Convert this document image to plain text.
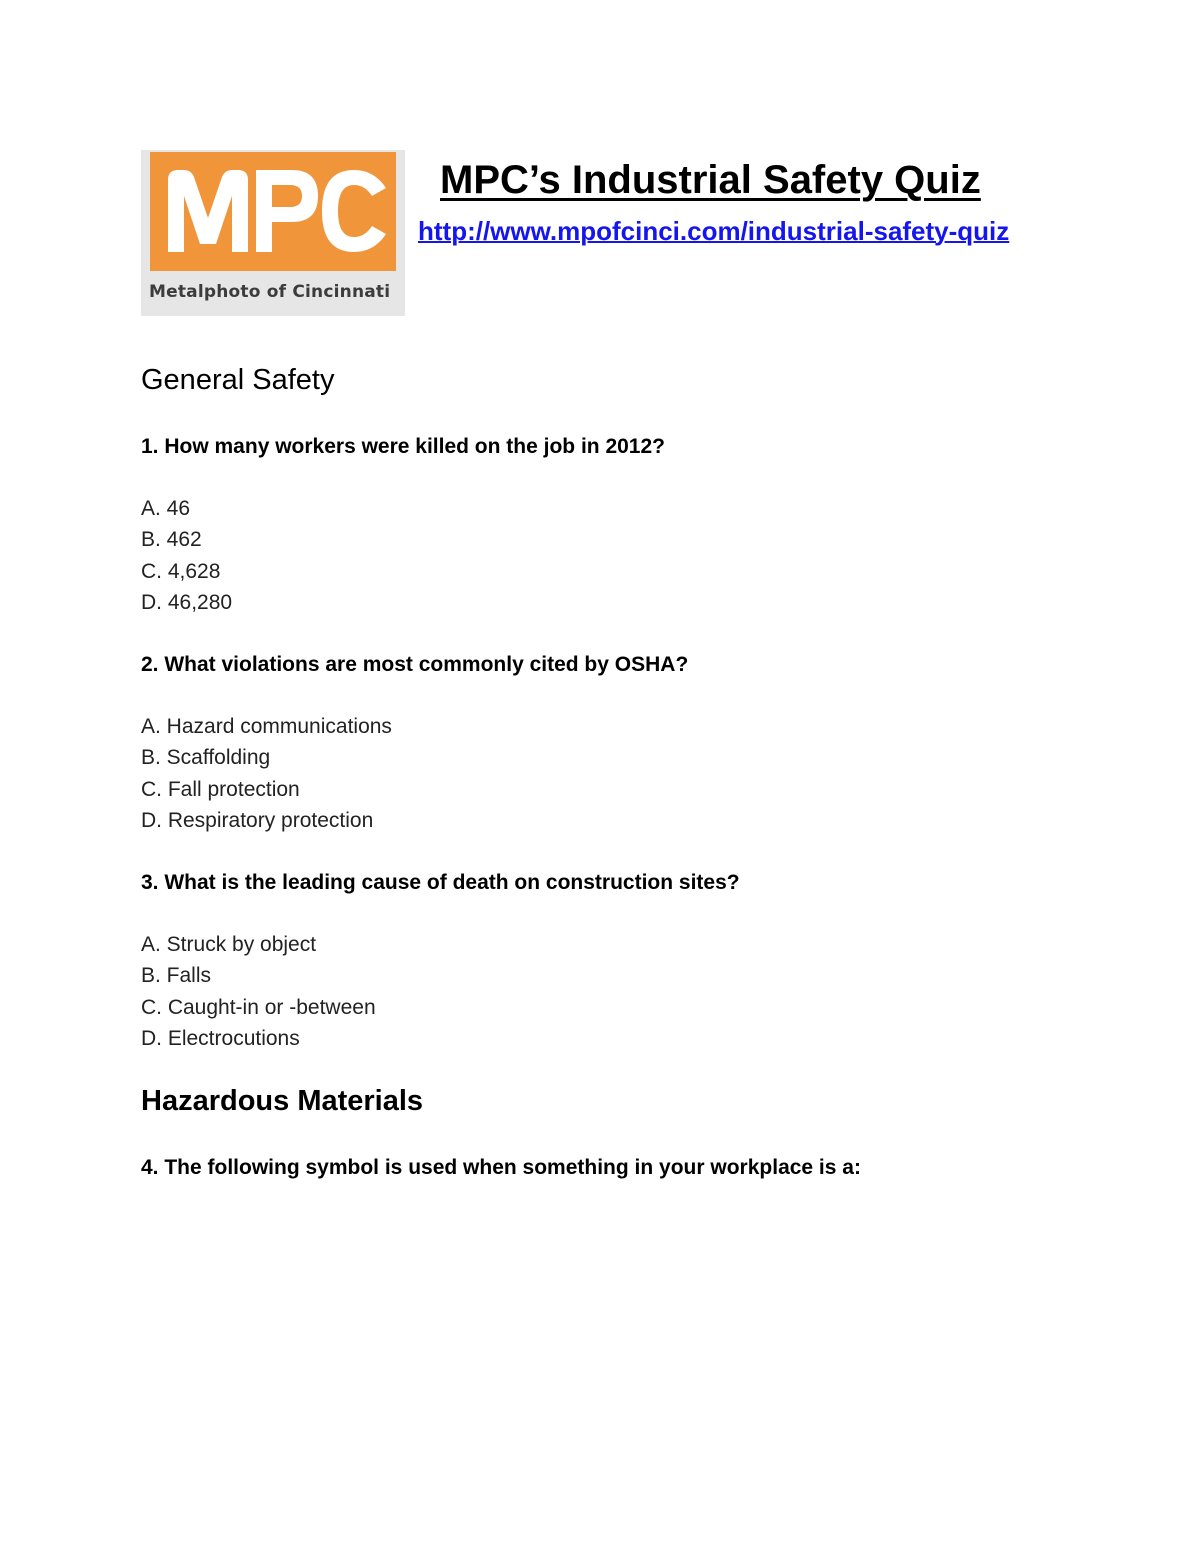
Metalphoto of Cincinnati
MPC’s Industrial Safety Quiz
http://www.mpofcinci.com/industrial-safety-quiz
General Safety
1. How many workers were killed on the job in 2012?
A. 46
B. 462
C. 4,628
D. 46,280
2. What violations are most commonly cited by OSHA?
A. Hazard communications
B. Scaffolding
C. Fall protection
D. Respiratory protection
3. What is the leading cause of death on construction sites?
A. Struck by object
B. Falls
C. Caught-in or -between
D. Electrocutions
Hazardous Materials
4. The following symbol is used when something in your workplace is a:
